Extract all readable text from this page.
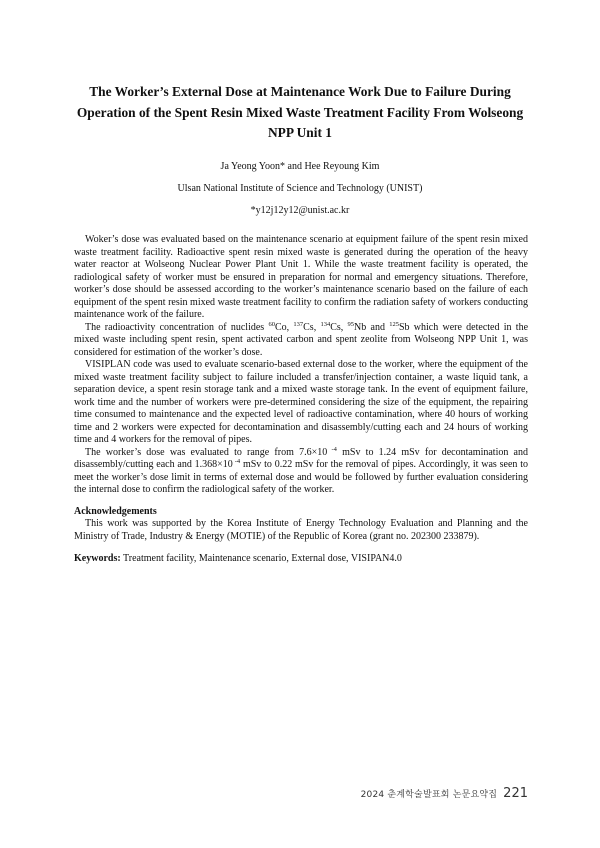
The Worker’s External Dose at Maintenance Work Due to Failure During Operation of the Spent Resin Mixed Waste Treatment Facility From Wolseong NPP Unit 1
Ja Yeong Yoon* and Hee Reyoung Kim
Ulsan National Institute of Science and Technology (UNIST)
*y12j12y12@unist.ac.kr

Woker’s dose was evaluated based on the maintenance scenario at equipment failure of the spent resin mixed waste treatment facility. Radioactive spent resin mixed waste is generated during the operation of the heavy water reactor at Wolseong Nuclear Power Plant Unit 1. While the waste treatment facility is operated, the radiological safety of worker must be ensured in preparation for normal and emergency situations. Therefore, worker’s dose should be assessed according to the worker’s maintenance scenario based on the failure of each equipment of the spent resin mixed waste treatment facility to confirm the radiation safety of workers conducting maintenance work of the failure.

The radioactivity concentration of nuclides $^{60}$Co, $^{137}$Cs, $^{134}$Cs, $^{95}$Nb and $^{125}$Sb which were detected in the mixed waste including spent resin, spent activated carbon and spent zeolite from Wolseong NPP Unit 1, was considered for estimation of the worker’s dose.

VISIPLAN code was used to evaluate scenario-based external dose to the worker, where the equipment of the mixed waste treatment facility subject to failure included a transfer/injection container, a waste liquid tank, a separation device, a spent resin storage tank and a mixed waste storage tank. In the event of equipment failure, work time and the number of workers were pre-determined considering the size of the equipment, the repairing time consumed to maintenance and the expected level of radioactive contamination, where 40 hours of working time and 2 workers were expected for decontamination and disassembly/cutting each and 24 hours of working time and 4 workers for the removal of pipes.

The worker’s dose was evaluated to range from 7.6×10 $^{-4}$ mSv to 1.24 mSv for decontamination and disassembly/cutting each and 1.368×10 $^{-4}$ mSv to 0.22 mSv for the removal of pipes. Accordingly, it was seen to meet the worker’s dose limit in terms of external dose and would be followed by further evaluation considering the internal dose to confirm the radiological safety of the worker.

Acknowledgements

This work was supported by the Korea Institute of Energy Technology Evaluation and Planning and the Ministry of Trade, Industry & Energy (MOTIE) of the Republic of Korea (grant no. 202300 233879).

Keywords: Treatment facility, Maintenance scenario, External dose, VISIPAN4.0
2024 춘계학술발표회 논문요약집 221
